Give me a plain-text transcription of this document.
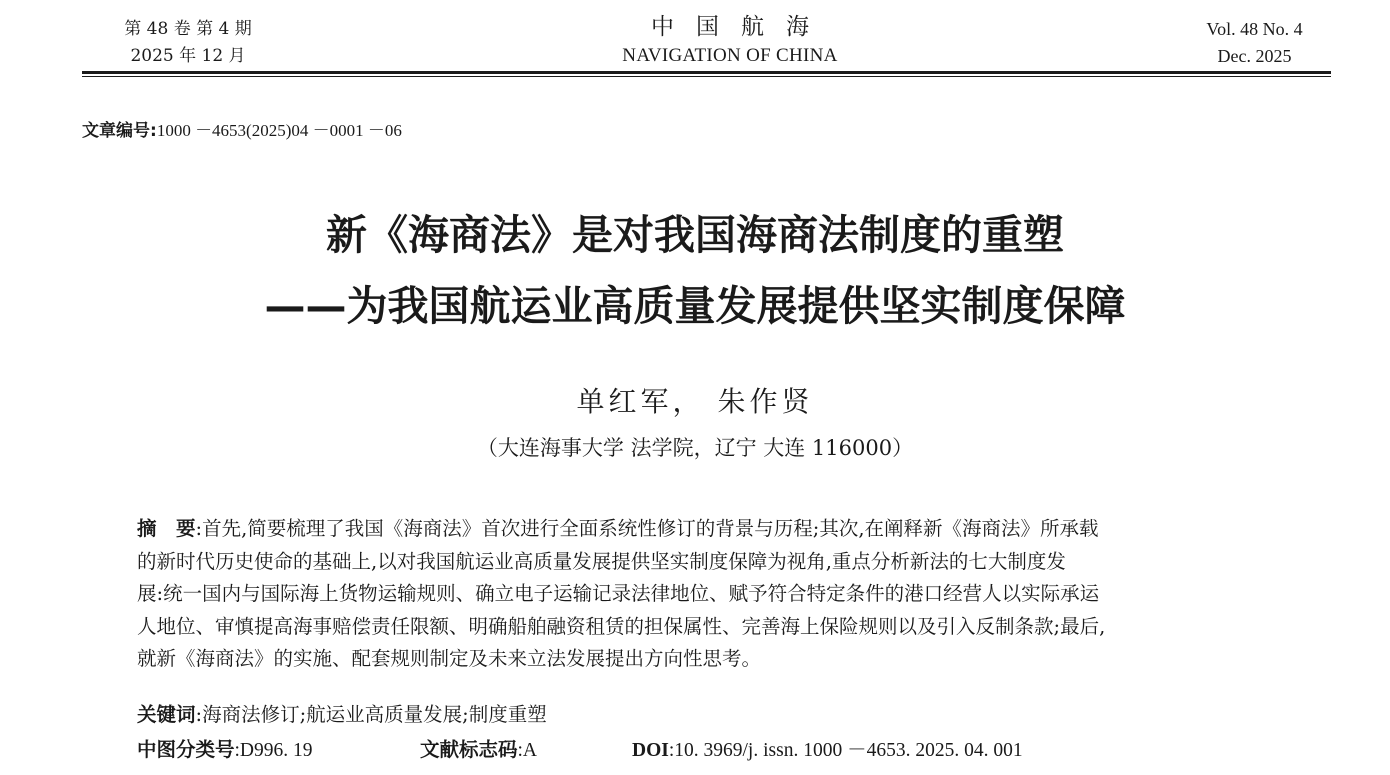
第 48 卷 第 4 期
2025 年 12 月
中国航海
NAVIGATION OF CHINA
Vol. 48 No. 4
Dec. 2025
文章编号:1000 －4653(2025)04 －0001 －06
新《海商法》是对我国海商法制度的重塑
——为我国航运业高质量发展提供坚实制度保障
单红军， 朱作贤
（大连海事大学 法学院，辽宁 大连 116000）
摘　要:首先,简要梳理了我国《海商法》首次进行全面系统性修订的背景与历程;其次,在阐释新《海商法》所承载
的新时代历史使命的基础上,以对我国航运业高质量发展提供坚实制度保障为视角,重点分析新法的七大制度发
展:统一国内与国际海上货物运输规则、确立电子运输记录法律地位、赋予符合特定条件的港口经营人以实际承运
人地位、审慎提高海事赔偿责任限额、明确船舶融资租赁的担保属性、完善海上保险规则以及引入反制条款;最后,
就新《海商法》的实施、配套规则制定及未来立法发展提出方向性思考。
关键词:海商法修订;航运业高质量发展;制度重塑
中图分类号:D996. 19	文献标志码:A	DOI:10. 3969/j. issn. 1000 －4653. 2025. 04. 001
